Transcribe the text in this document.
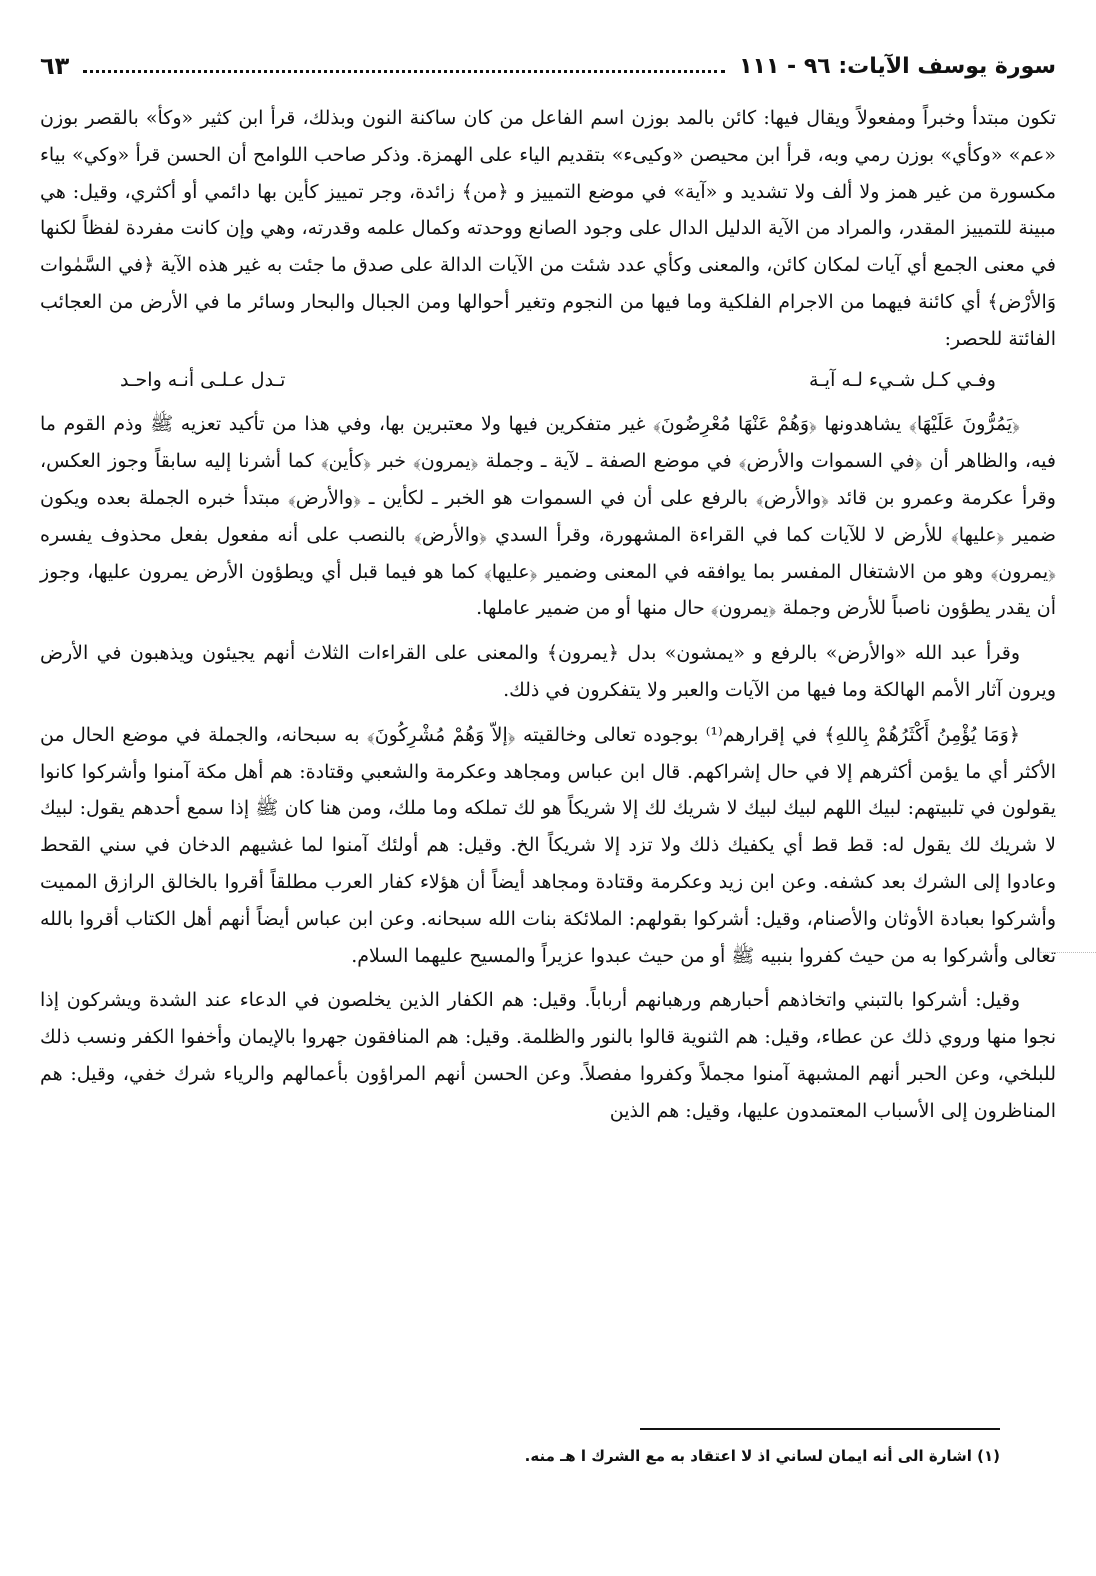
سورة يوسف الآيات: ٩٦ - ١١١
٦٣

تكون مبتدأ وخبراً ومفعولاً ويقال فيها: كائن بالمد بوزن اسم الفاعل من كان ساكنة النون وبذلك، قرأ ابن كثير «وكأ» بالقصر بوزن «عم» «وكأي» بوزن رمي وبه، قرأ ابن محيصن «وكيىء» بتقديم الياء على الهمزة. وذكر صاحب اللوامح أن الحسن قرأ «وكي» بياء مكسورة من غير همز ولا ألف ولا تشديد و «آية» في موضع التمييز و ﴿من﴾ زائدة، وجر تمييز كأين بها دائمي أو أكثري، وقيل: هي مبينة للتمييز المقدر، والمراد من الآية الدليل الدال على وجود الصانع ووحدته وكمال علمه وقدرته، وهي وإن كانت مفردة لفظاً لكنها في معنى الجمع أي آيات لمكان كائن، والمعنى وكأي عدد شئت من الآيات الدالة على صدق ما جئت به غير هذه الآية ﴿في السَّمٰوات وَالأرْض﴾ أي كائنة فيهما من الاجرام الفلكية وما فيها من النجوم وتغير أحوالها ومن الجبال والبحار وسائر ما في الأرض من العجائب الفائتة للحصر:

وفـي كـل شـيء لـه آيـة
تـدل عـلـى أنـه واحـد

﴿يَمُرُّونَ عَلَيْهَا﴾ يشاهدونها ﴿وَهُمْ عَنْهَا مُعْرِضُونَ﴾ غير متفكرين فيها ولا معتبرين بها، وفي هذا من تأكيد تعزيه ﷺ وذم القوم ما فيه، والظاهر أن ﴿في السموات والأرض﴾ في موضع الصفة ـ لآية ـ وجملة ﴿يمرون﴾ خبر ﴿كأين﴾ كما أشرنا إليه سابقاً وجوز العكس، وقرأ عكرمة وعمرو بن قائد ﴿والأرض﴾ بالرفع على أن في السموات هو الخبر ـ لكأين ـ ﴿والأرض﴾ مبتدأ خبره الجملة بعده ويكون ضمير ﴿عليها﴾ للأرض لا للآيات كما في القراءة المشهورة، وقرأ السدي ﴿والأرض﴾ بالنصب على أنه مفعول بفعل محذوف يفسره ﴿يمرون﴾ وهو من الاشتغال المفسر بما يوافقه في المعنى وضمير ﴿عليها﴾ كما هو فيما قبل أي ويطؤون الأرض يمرون عليها، وجوز أن يقدر يطؤون ناصباً للأرض وجملة ﴿يمرون﴾ حال منها أو من ضمير عاملها.

وقرأ عبد الله «والأرض» بالرفع و «يمشون» بدل ﴿يمرون﴾ والمعنى على القراءات الثلاث أنهم يجيئون ويذهبون في الأرض ويرون آثار الأمم الهالكة وما فيها من الآيات والعبر ولا يتفكرون في ذلك.

﴿وَمَا يُؤْمِنُ أَكْثَرُهُمْ بِاللهِ﴾ في إقرارهم⁽¹⁾ بوجوده تعالى وخالقيته ﴿إلاّ وَهُمْ مُشْرِكُونَ﴾ به سبحانه، والجملة في موضع الحال من الأكثر أي ما يؤمن أكثرهم إلا في حال إشراكهم. قال ابن عباس ومجاهد وعكرمة والشعبي وقتادة: هم أهل مكة آمنوا وأشركوا كانوا يقولون في تلبيتهم: لبيك اللهم لبيك لبيك لا شريك لك إلا شريكاً هو لك تملكه وما ملك، ومن هنا كان ﷺ إذا سمع أحدهم يقول: لبيك لا شريك لك يقول له: قط قط أي يكفيك ذلك ولا تزد إلا شريكاً الخ. وقيل: هم أولئك آمنوا لما غشيهم الدخان في سني القحط وعادوا إلى الشرك بعد كشفه. وعن ابن زيد وعكرمة وقتادة ومجاهد أيضاً أن هؤلاء كفار العرب مطلقاً أقروا بالخالق الرازق المميت وأشركوا بعبادة الأوثان والأصنام، وقيل: أشركوا بقولهم: الملائكة بنات الله سبحانه. وعن ابن عباس أيضاً أنهم أهل الكتاب أقروا بالله تعالى وأشركوا به من حيث كفروا بنبيه ﷺ أو من حيث عبدوا عزيراً والمسيح عليهما السلام.

وقيل: أشركوا بالتبني واتخاذهم أحبارهم ورهبانهم أرباباً. وقيل: هم الكفار الذين يخلصون في الدعاء عند الشدة ويشركون إذا نجوا منها وروي ذلك عن عطاء، وقيل: هم الثنوية قالوا بالنور والظلمة. وقيل: هم المنافقون جهروا بالإيمان وأخفوا الكفر ونسب ذلك للبلخي، وعن الحبر أنهم المشبهة آمنوا مجملاً وكفروا مفصلاً. وعن الحسن أنهم المراؤون بأعمالهم والرياء شرك خفي، وقيل: هم المناظرون إلى الأسباب المعتمدون عليها، وقيل: هم الذين

(١) اشارة الى أنه ايمان لساني اذ لا اعتقاد به مع الشرك ا هـ منه.
